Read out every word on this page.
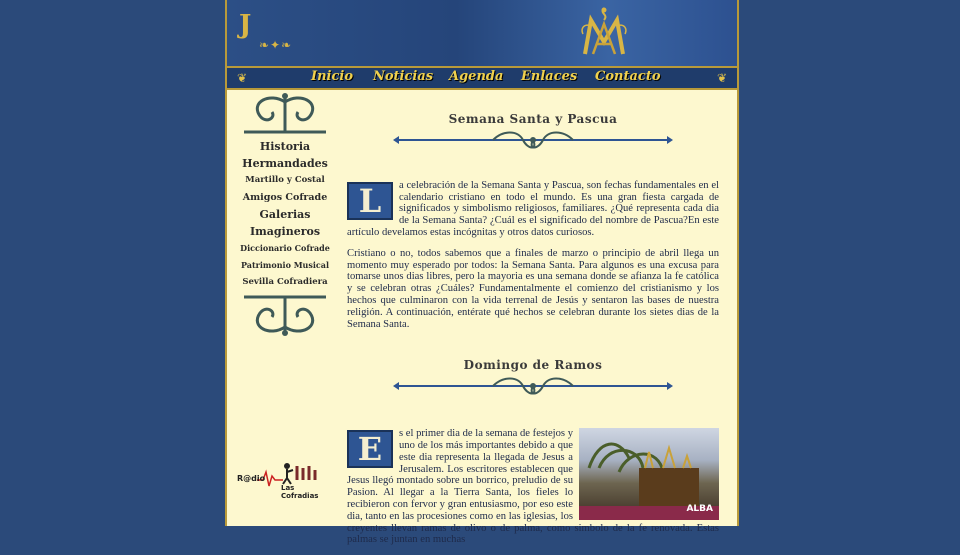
J
❧✦❧
❦	Inicio Noticias Agenda Enlaces Contacto	❦
Historia
Hermandades
Martillo y Costal
Amigos Cofrade
Galerias
Imagineros
Diccionario Cofrade
Patrimonio Musical
Sevilla Cofradiera
R@dio
Las Cofradias
Semana Santa y Pascua

L	a celebración de la Semana Santa y Pascua, son fechas fundamentales en el calendario cristiano en todo el mundo. Es una gran fiesta cargada de significados y simbolismo religiosos, familiares. ¿Qué representa cada dia de la Semana Santa? ¿Cuál es el significado del nombre de Pascua?En este artículo develamos estas incógnitas y otros datos curiosos.

Cristiano o no, todos sabemos que a finales de marzo o principio de abril llega un momento muy esperado por todos: la Semana Santa. Para algunos es una excusa para tomarse unos dias libres, pero la mayoria es una semana donde se afianza la fe católica y se celebran otras ¿Cuáles? Fundamentalmente el comienzo del cristianismo y los hechos que culminaron con la vida terrenal de Jesús y sentaron las bases de nuestra religión. A continuación, entérate qué hechos se celebran durante los sietes dias de la Semana Santa.

Domingo de Ramos
ALBA

E	s el primer dia de la semana de festejos y uno de los más importantes debido a que este dia representa la llegada de Jesus a Jerusalem. Los escritores establecen que Jesus llegó montado sobre un borrico, preludio de su Pasion. Al llegar a la Tierra Santa, los fieles lo recibieron con fervor y gran entusiasmo, por eso este dia, tanto en las procesiones como en las iglesias, los creyentes llevan ramas de olivo o de palma, como simbolo de la fe renovada. Estas palmas se juntan en muchas
